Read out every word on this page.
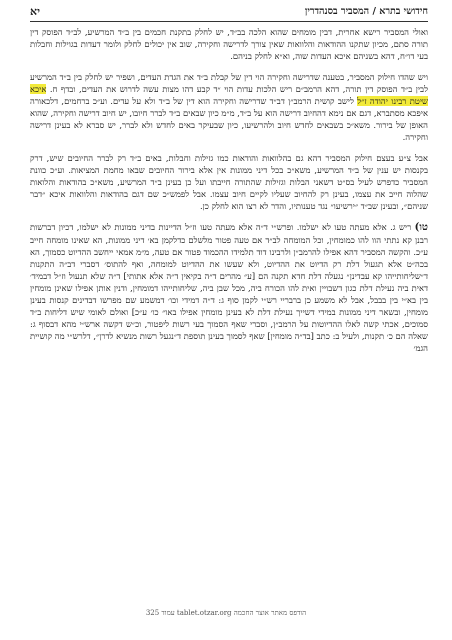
חידושי בתרא / המסביר בסנהדרין
יא

ואולי המסביר רישא אחרית, דבין מומחים שהוא הלכה בב״ד, יש לחלק בתקנת חכמים בין ב״ד המרשיע, לב״ד הפוסק דין תורה סתם, מכיון שתקנו ההודאות והלוואות שאין צורך לדרישה וחקירה, שוב אין יכולים לחלק ולומר דעדות בגוילות וחבלות בעי דו״ח, דהא בשניהם איכא העדות שוה, וא״א לחלק בניהם.

ויש שהדו חילוק המסביר, בטענה שדרישה וחקירה הוי דין של קבלת ב״ד את הגדת העדים, ושפיר יש לחלק בין ב״ד המרשיע לבין ב״ד הפוסק דין תורה, דהא הרמב״ם ריש הלכות עדות הוי ״ד קבע דהו מצות עשה לדרוש את העדים, ובדף ח. איכא שיטת רבינו יהודה ז״ל לישב קושית הרמב״ן דב״ד שדרישה וחקירה הוא דין של ב״ד ולא על עדים. וע״כ ברחמים, דלכאורה איפכא מסתברא, דגם אם נימא דהחיוב דרישה הוא על ב״ד, מ״מ כיון שבאים ב״ד לברר חיובו, יש חיוב דרישה וחקירה, שהוא האופן של בירור. משא״כ בשבאים לחדש חיוב ולהרשיעו, כיון שבעיקר באים לחדש ולא לברר, יש סברא לא בעינן דרישה וחקירה.

אבל צ״ע בעצם חילוק המסביר דהא גם בהלוואות והודאות כמו גזילות וחבלות, באים ב״ד רק לברר החיובים שיש, דרק בקנסות יש ענין של ב״ד המרשיע, משא״כ בכל דיני ממונות אין אלא בירור החיובים שבאו מחמת המציאות. וע״כ כוונת המסביר כדפרש לעיל בס״ט דשאני הבלות וגזילות שהתורה חייבתו ועל כן בעינן ב״ד המרשיע, משא״כ בהודאות והלואות שהלוה חייב את עצמו, בעינן רק להחיוב שעליו לקיים חיוב עצמו. אבל לפמש״כ שם דגם בהודאות והלוואות איכא ״דבר שניהם״, ובעינן שב״ד ״ירשיעו״ נגד טענותיו, והדר לא רצו הוא לחלק כן.

טו) ריש ג. אלא מעתה טעו לא ישלמו. ופרש״י ד״ה אלא מעתה טעו וז״ל הדיינות בדיני ממונות לא ישלמו, דכיון דברשות רבנן קא נתתי הוו להו כמומחין, וכל המומחה לב״ד אם טעה פטור מלשלם כדלקמן בא׳ דיני ממונות, הא שאינו מומחה חייב ע״כ. והקשה המסביר דהא אפילו להרמב״ן ולרבינו דוד תלמידו ההכמוד פטור אם טעה, מ״מ אמאי ייחשב ההדיוט כסמוך, הא בכה״ט אלא תגעול דלת רק הדיוט את ההדיוט, ולא שעשו את ההדיוט למומחה, ואף להתוס׳ דסברי דב״ה התקנות ד״שליחותייהו קא עבדינן״ נגעלה דלת חדא תקנה הם [ע״ מהרים ד״ה בקיאין ד״ה אלא אתותי] ד״ה שלא תנעול וז״ל דבמיד׳ דאית ביה נעילת דלת כגון דשבויין ואית להו הכורח ביה, מכל שבן ביה, שליחותייהו דמומחין, ודנין אותן אפילו שאינן מומחין בין בא״י בין בבבל, אבל לא משמע כן ברבריי רש״י לקמן סוף ג: ד״ה דמידי וכו׳ דמשמע שם מפרשו דבדינים קנסות בעינן מומחין, ובשאר דיני ממונות במידי דשייך נעילת דלת לא בעינן מומחין אפילו באו״ כו׳ ע״כ] ואולם לאומי שיש דליחות ב״ד סמוכים, אכתי קשה לאלו ההדיוטות על הרמב״ן, וסברי שאף הסמוך בעי רשות ליפטור, וכ״ש דקשה ארש״י מהא דבסוף ג: שאלה הם כ׳ תקנות, ולעיל ב: כתב [בד״ה מומחין] שאף לסמוך בעינן תוספת ד״נגעל רשות מנשיא לדרן״, דלרש״י מה קושיית הגמ׳

הודפס מאתר אוצר החכמה tablet.otzar.org עמוד 325
